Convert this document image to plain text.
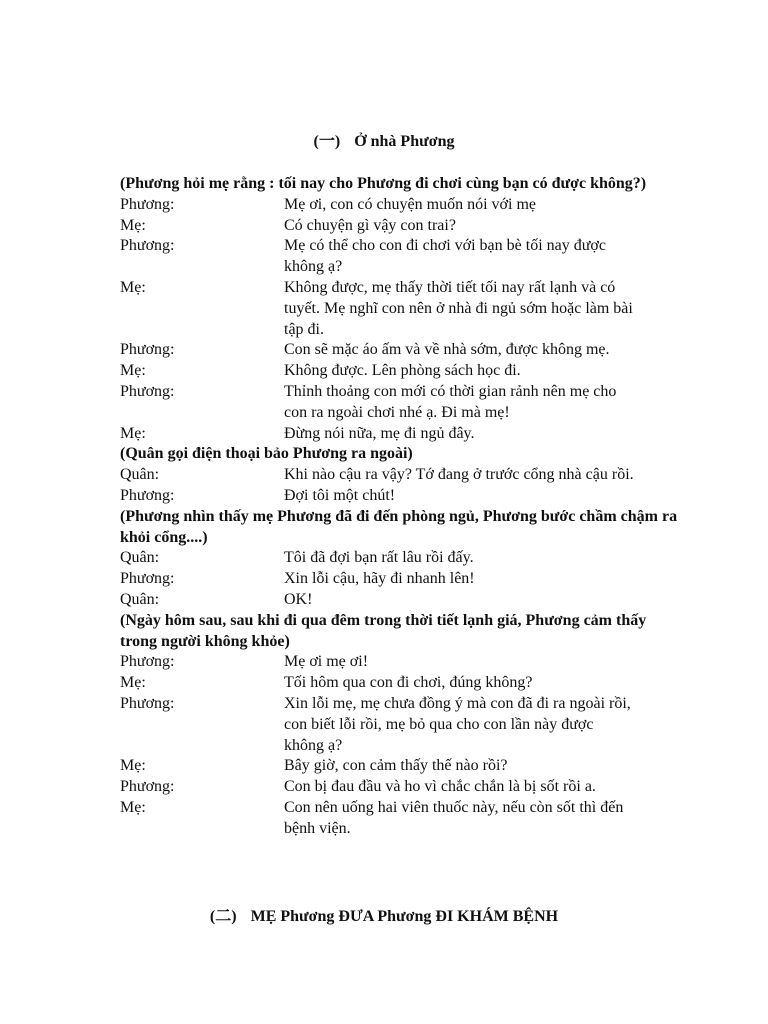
(一) Ở nhà Phương
(Phương hỏi mẹ rằng : tối nay cho Phương đi chơi cùng bạn có được không?)
Phương:	Mẹ ơi, con có chuyện muốn nói với mẹ
Mẹ:	Có chuyện gì vậy con trai?
Phương:	Mẹ có thể cho con đi chơi với bạn bè tối nay được
không ạ?
Mẹ:	Không được, mẹ thấy thời tiết tối nay rất lạnh và có
tuyết. Mẹ nghĩ con nên ở nhà đi ngủ sớm hoặc làm bài
tập đi.
Phương:	Con sẽ mặc áo ấm và về nhà sớm, được không mẹ.
Mẹ:	Không được. Lên phòng sách học đi.
Phương:	Thỉnh thoảng con mới có thời gian rảnh nên mẹ cho
con ra ngoài chơi nhé ạ. Đi mà mẹ!
Mẹ:	Đừng nói nữa, mẹ đi ngủ đây.
(Quân gọi điện thoại bảo Phương ra ngoài)
Quân:	Khi nào cậu ra vậy? Tớ đang ở trước cổng nhà cậu rồi.
Phương:	Đợi tôi một chút!
(Phương nhìn thấy mẹ Phương đã đi đến phòng ngủ, Phương bước chầm chậm ra khỏi cổng....)
Quân:	Tôi đã đợi bạn rất lâu rồi đấy.
Phương:	Xin lỗi cậu, hãy đi nhanh lên!
Quân:	OK!
(Ngày hôm sau, sau khi đi qua đêm trong thời tiết lạnh giá, Phương cảm thấy trong người không khỏe)
Phương:	Mẹ ơi mẹ ơi!
Mẹ:	Tối hôm qua con đi chơi, đúng không?
Phương:	Xin lỗi mẹ, mẹ chưa đồng ý mà con đã đi ra ngoài rồi,
con biết lỗi rồi, mẹ bỏ qua cho con lần này được
không ạ?
Mẹ:	Bây giờ, con cảm thấy thế nào rồi?
Phương:	Con bị đau đầu và ho vì chắc chắn là bị sốt rồi a.
Mẹ:	Con nên uống hai viên thuốc này, nếu còn sốt thì đến
bệnh viện.
(二) MẸ Phương ĐƯA Phương ĐI KHÁM BỆNH
